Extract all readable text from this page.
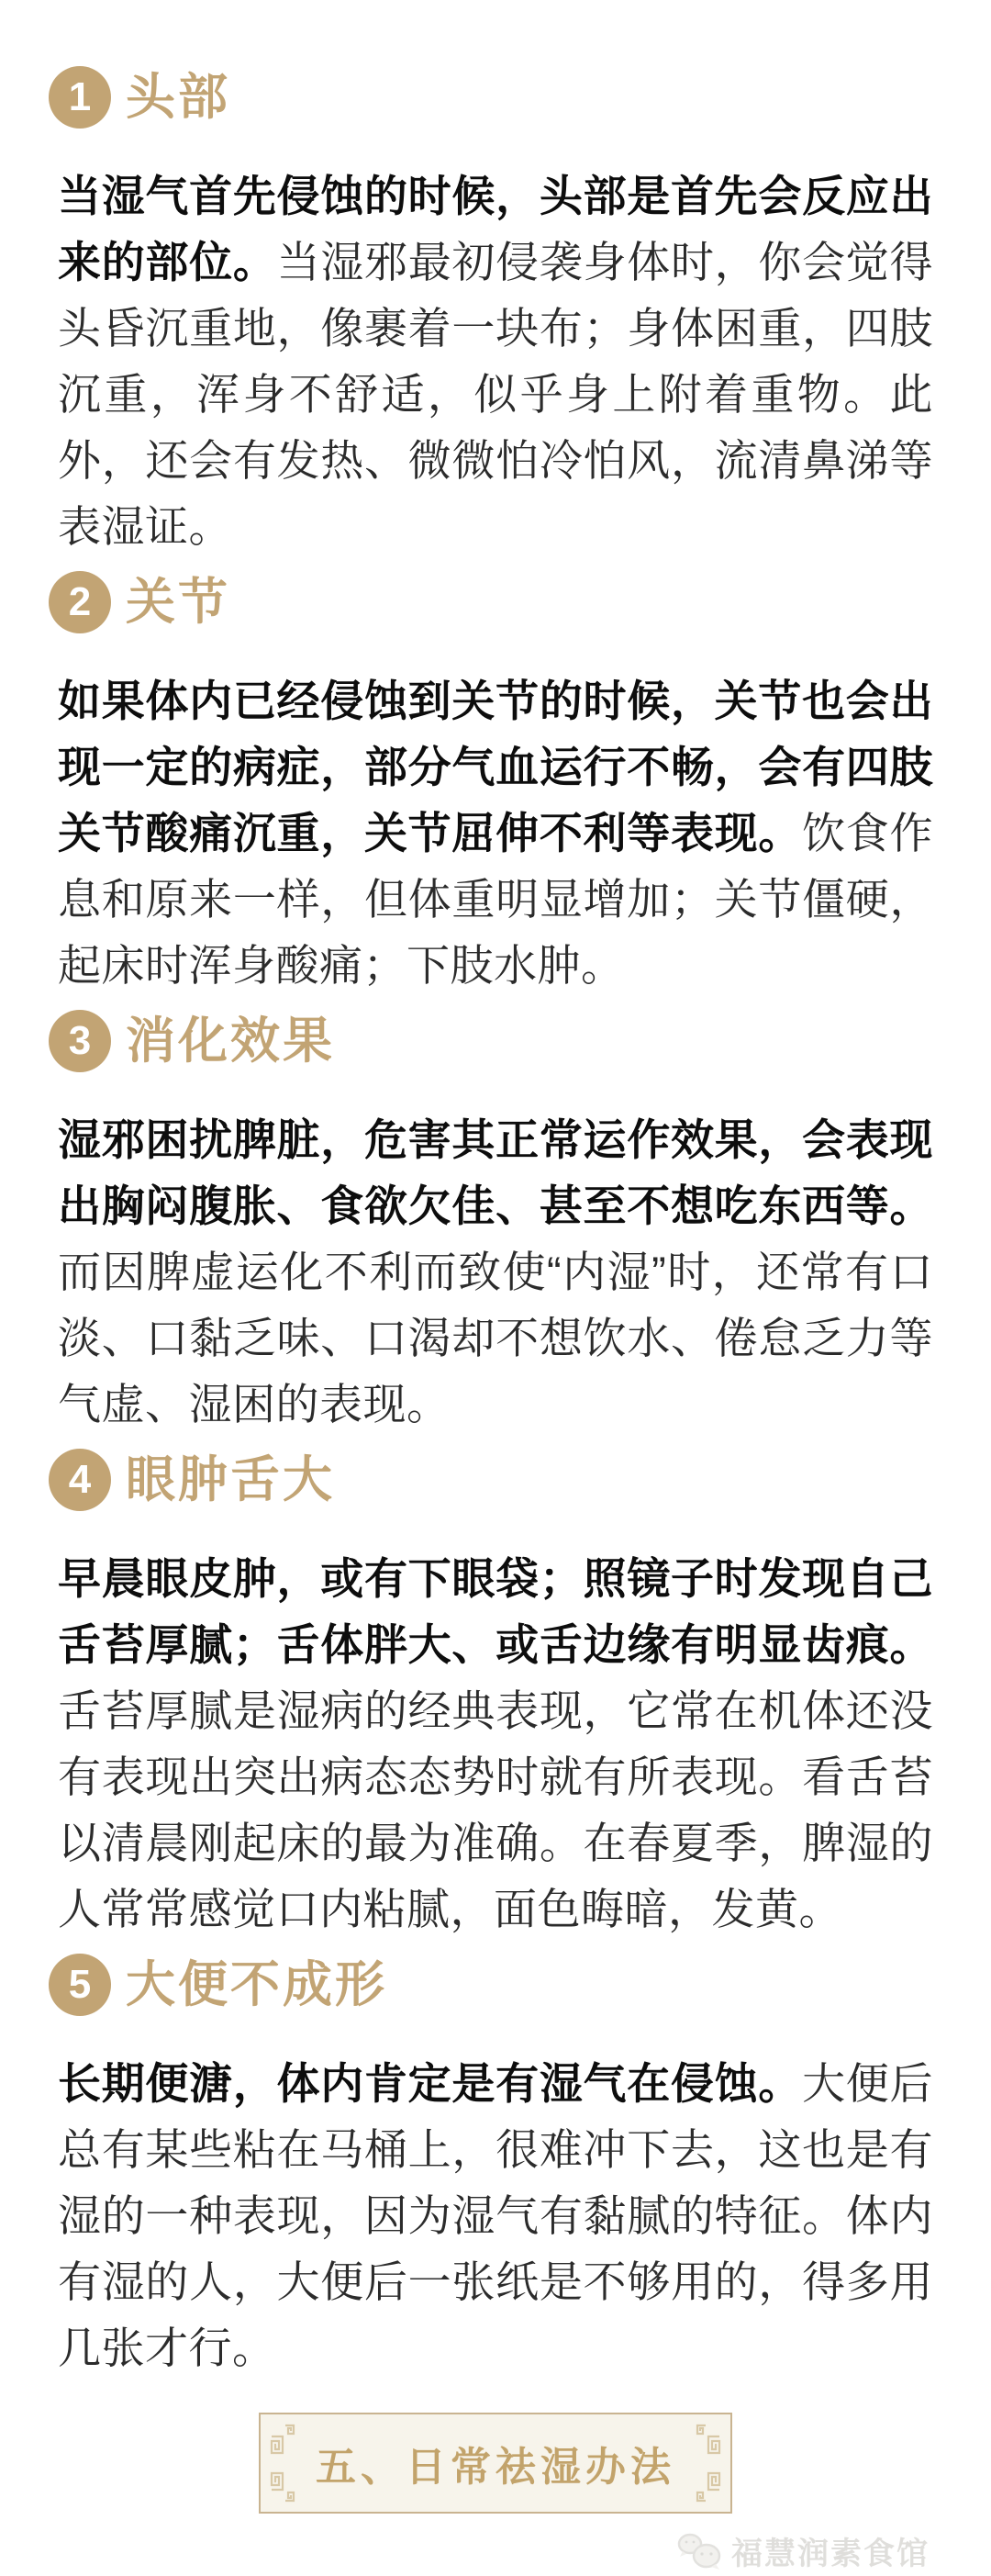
1 头部

当湿气首先侵蚀的时候，头部是首先会反应出来的部位。当湿邪最初侵袭身体时，你会觉得头昏沉重地，像裹着一块布；身体困重，四肢沉重，浑身不舒适，似乎身上附着重物。此外，还会有发热、微微怕冷怕风，流清鼻涕等表湿证。

2 关节

如果体内已经侵蚀到关节的时候，关节也会出现一定的病症，部分气血运行不畅，会有四肢关节酸痛沉重，关节屈伸不利等表现。饮食作息和原来一样，但体重明显增加；关节僵硬，起床时浑身酸痛；下肢水肿。

3 消化效果

湿邪困扰脾脏，危害其正常运作效果，会表现出胸闷腹胀、食欲欠佳、甚至不想吃东西等。而因脾虚运化不利而致使“内湿”时，还常有口淡、口黏乏味、口渴却不想饮水、倦怠乏力等气虚、湿困的表现。

4 眼肿舌大

早晨眼皮肿，或有下眼袋；照镜子时发现自己舌苔厚腻；舌体胖大、或舌边缘有明显齿痕。舌苔厚腻是湿病的经典表现，它常在机体还没有表现出突出病态态势时就有所表现。看舌苔以清晨刚起床的最为准确。在春夏季，脾湿的人常常感觉口内粘腻，面色晦暗，发黄。

5 大便不成形

长期便溏，体内肯定是有湿气在侵蚀。大便后总有某些粘在马桶上，很难冲下去，这也是有湿的一种表现，因为湿气有黏腻的特征。体内有湿的人，大便后一张纸是不够用的，得多用几张才行。

五、日常祛湿办法
福慧润素食馆
